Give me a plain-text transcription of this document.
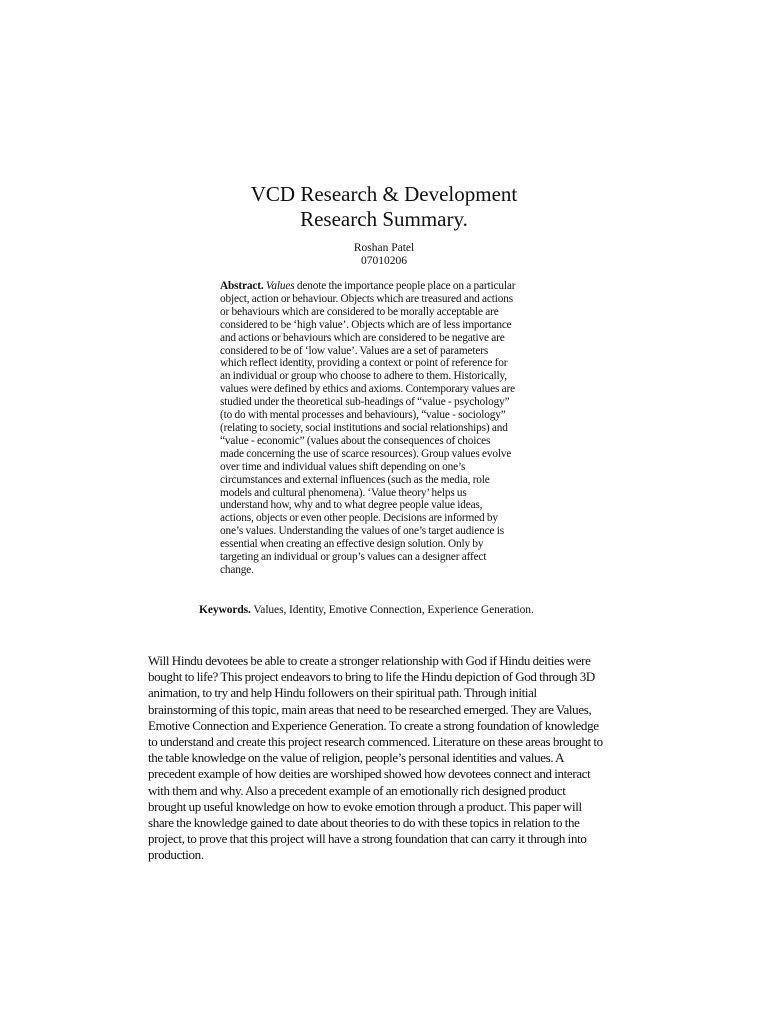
VCD Research & Development
Research Summary.
Roshan Patel
07010206

Abstract. Values denote the importance people place on a particular object, action or behaviour. Objects which are treasured and actions or behaviours which are considered to be morally acceptable are considered to be ‘high value’. Objects which are of less importance and actions or behaviours which are considered to be negative are considered to be of ‘low value’. Values are a set of parameters which reflect identity, providing a context or point of reference for an individual or group who choose to adhere to them. Historically, values were defined by ethics and axioms. Contemporary values are studied under the theoretical sub-headings of “value - psychology” (to do with mental processes and behaviours), “value - sociology” (relating to society, social institutions and social relationships) and “value - economic” (values about the consequences of choices made concerning the use of scarce resources). Group values evolve over time and individual values shift depending on one’s circumstances and external influences (such as the media, role models and cultural phenomena). ‘Value theory’ helps us understand how, why and to what degree people value ideas, actions, objects or even other people. Decisions are informed by one’s values. Understanding the values of one’s target audience is essential when creating an effective design solution. Only by targeting an individual or group’s values can a designer affect change.

Keywords. Values, Identity, Emotive Connection, Experience Generation.

Will Hindu devotees be able to create a stronger relationship with God if Hindu deities were bought to life? This project endeavors to bring to life the Hindu depiction of God through 3D animation, to try and help Hindu followers on their spiritual path. Through initial brainstorming of this topic, main areas that need to be researched emerged. They are Values, Emotive Connection and Experience Generation. To create a strong foundation of knowledge to understand and create this project research commenced. Literature on these areas brought to the table knowledge on the value of religion, people’s personal identities and values. A precedent example of how deities are worshiped showed how devotees connect and interact with them and why. Also a precedent example of an emotionally rich designed product brought up useful knowledge on how to evoke emotion through a product. This paper will share the knowledge gained to date about theories to do with these topics in relation to the project, to prove that this project will have a strong foundation that can carry it through into production.
